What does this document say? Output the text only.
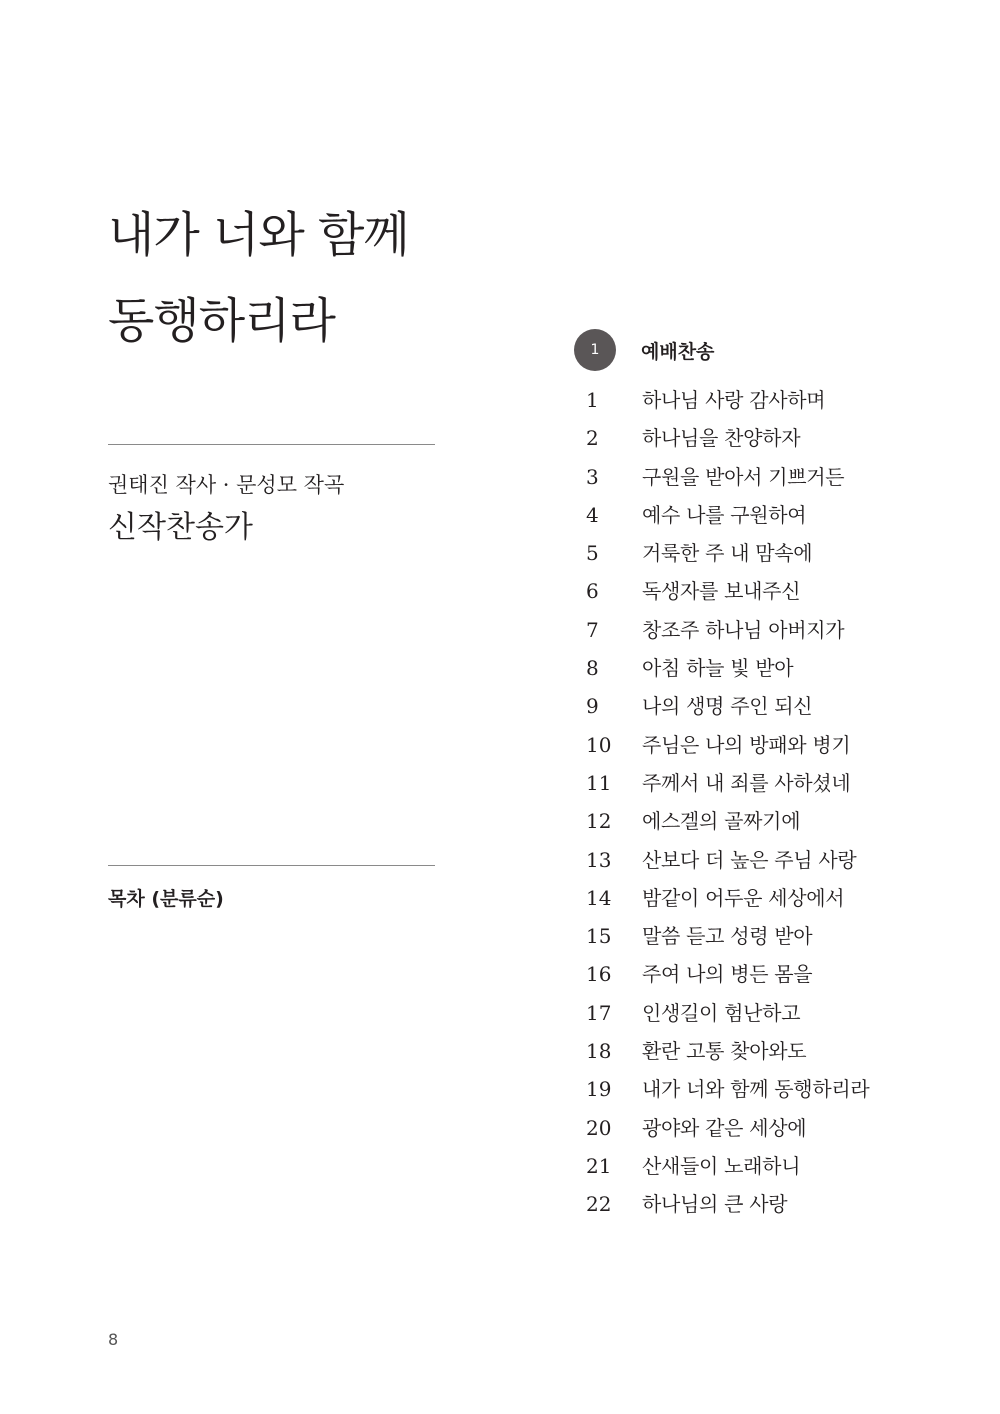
내가 너와 함께
동행하리라
권태진 작사 · 문성모 작곡
신작찬송가
목차 (분류순)
1	예배찬송
1	하나님 사랑 감사하며
2	하나님을 찬양하자
3	구원을 받아서 기쁘거든
4	예수 나를 구원하여
5	거룩한 주 내 맘속에
6	독생자를 보내주신
7	창조주 하나님 아버지가
8	아침 하늘 빛 받아
9	나의 생명 주인 되신
10	주님은 나의 방패와 병기
11	주께서 내 죄를 사하셨네
12	에스겔의 골짜기에
13	산보다 더 높은 주님 사랑
14	밤같이 어두운 세상에서
15	말씀 듣고 성령 받아
16	주여 나의 병든 몸을
17	인생길이 험난하고
18	환란 고통 찾아와도
19	내가 너와 함께 동행하리라
20	광야와 같은 세상에
21	산새들이 노래하니
22	하나님의 큰 사랑
8
